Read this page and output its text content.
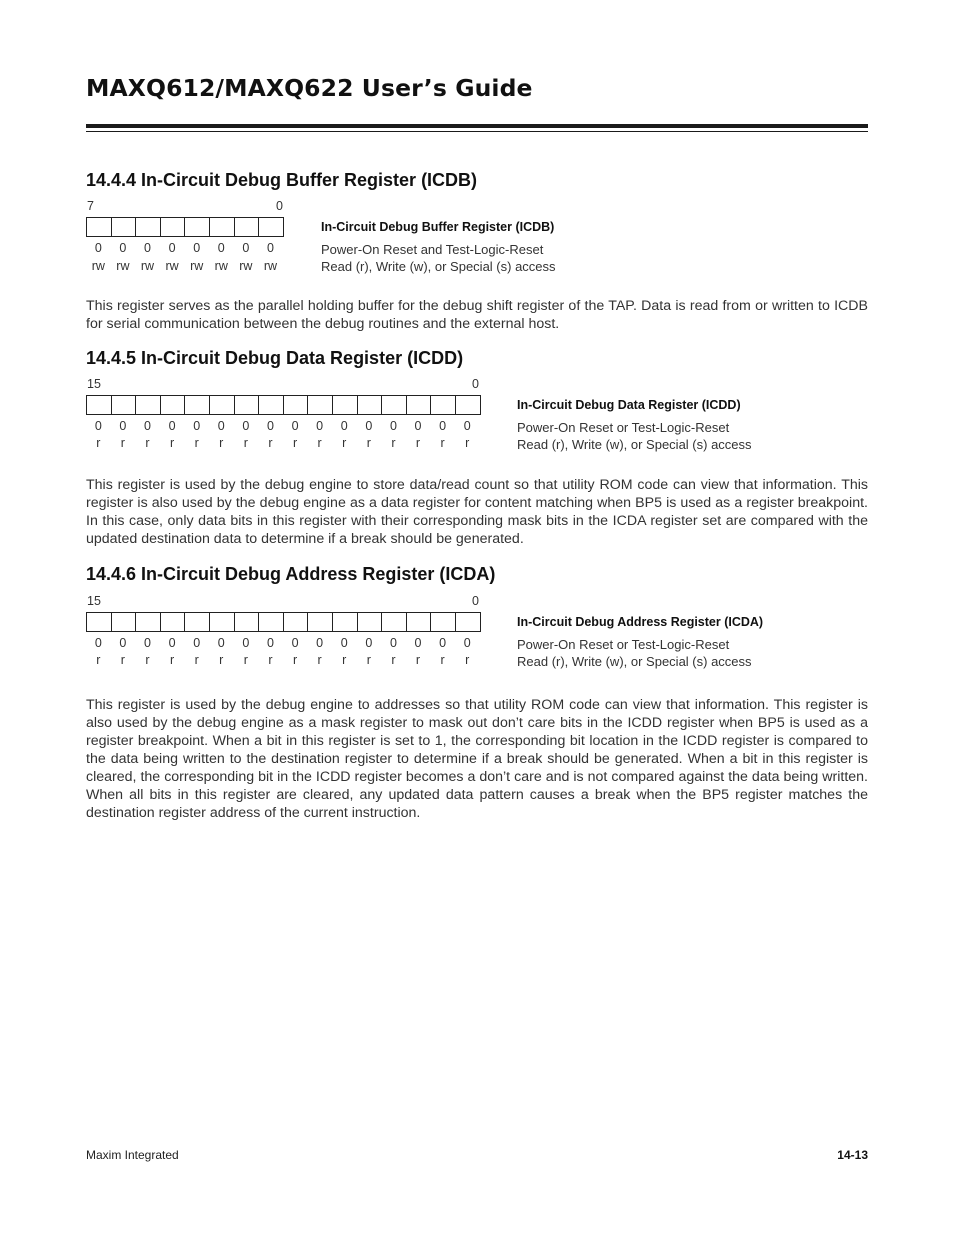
MAXQ612/MAXQ622 User’s Guide
14.4.4 In-Circuit Debug Buffer Register (ICDB)
7	0
0	0	0	0	0	0	0	0
rw rw rw rw rw rw rw rw
In-Circuit Debug Buffer Register (ICDB)
Power-On Reset and Test-Logic-Reset
Read (r), Write (w), or Special (s) access
This register serves as the parallel holding buffer for the debug shift register of the TAP. Data is read from or written to ICDB for serial communication between the debug routines and the external host.
14.4.5 In-Circuit Debug Data Register (ICDD)
15	0
0	0	0	0	0	0	0	0	0	0	0	0	0	0	0	0
r	r	r	r	r	r	r	r	r	r	r	r	r	r	r	r
In-Circuit Debug Data Register (ICDD)
Power-On Reset or Test-Logic-Reset
Read (r), Write (w), or Special (s) access
This register is used by the debug engine to store data/read count so that utility ROM code can view that information. This register is also used by the debug engine as a data register for content matching when BP5 is used as a register breakpoint. In this case, only data bits in this register with their corresponding mask bits in the ICDA register set are compared with the updated destination data to determine if a break should be generated.
14.4.6 In-Circuit Debug Address Register (ICDA)
15	0
0	0	0	0	0	0	0	0	0	0	0	0	0	0	0	0
r	r	r	r	r	r	r	r	r	r	r	r	r	r	r	r
In-Circuit Debug Address Register (ICDA)
Power-On Reset or Test-Logic-Reset
Read (r), Write (w), or Special (s) access
This register is used by the debug engine to addresses so that utility ROM code can view that information. This register is also used by the debug engine as a mask register to mask out don’t care bits in the ICDD register when BP5 is used as a register breakpoint. When a bit in this register is set to 1, the corresponding bit location in the ICDD register is compared to the data being written to the destination register to determine if a break should be generated. When a bit in this register is cleared, the corresponding bit in the ICDD register becomes a don’t care and is not compared against the data being written. When all bits in this register are cleared, any updated data pattern causes a break when the BP5 register matches the destination register address of the current instruction.
Maxim Integrated	14-13
